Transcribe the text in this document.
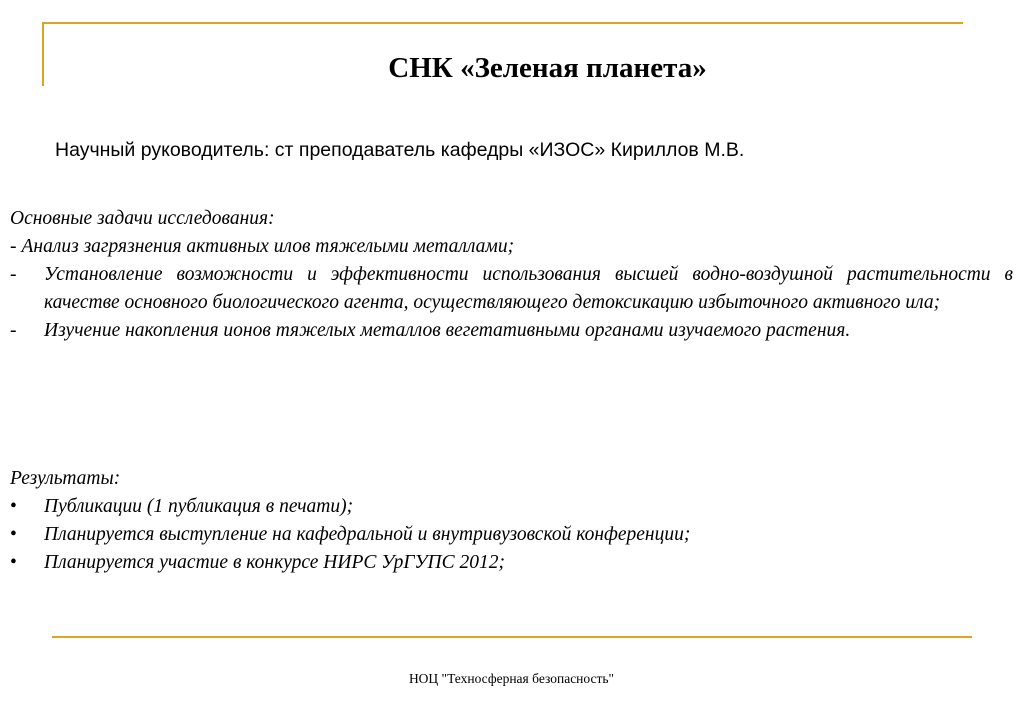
СНК «Зеленая планета»
Научный руководитель: ст преподаватель кафедры «ИЗОС» Кириллов М.В.
Основные задачи исследования:
- Анализ загрязнения активных илов тяжелыми металлами;
-	Установление возможности и эффективности использования высшей водно-воздушной растительности в качестве основного биологического агента, осуществляющего детоксикацию избыточного активного ила;
-	Изучение накопления ионов тяжелых металлов вегетативными органами изучаемого растения.
Результаты:
•	Публикации (1 публикация в печати);
•	Планируется выступление на кафедральной и внутривузовской конференции;
•	Планируется участие в конкурсе НИРС УрГУПС 2012;
НОЦ "Техносферная безопасность"
